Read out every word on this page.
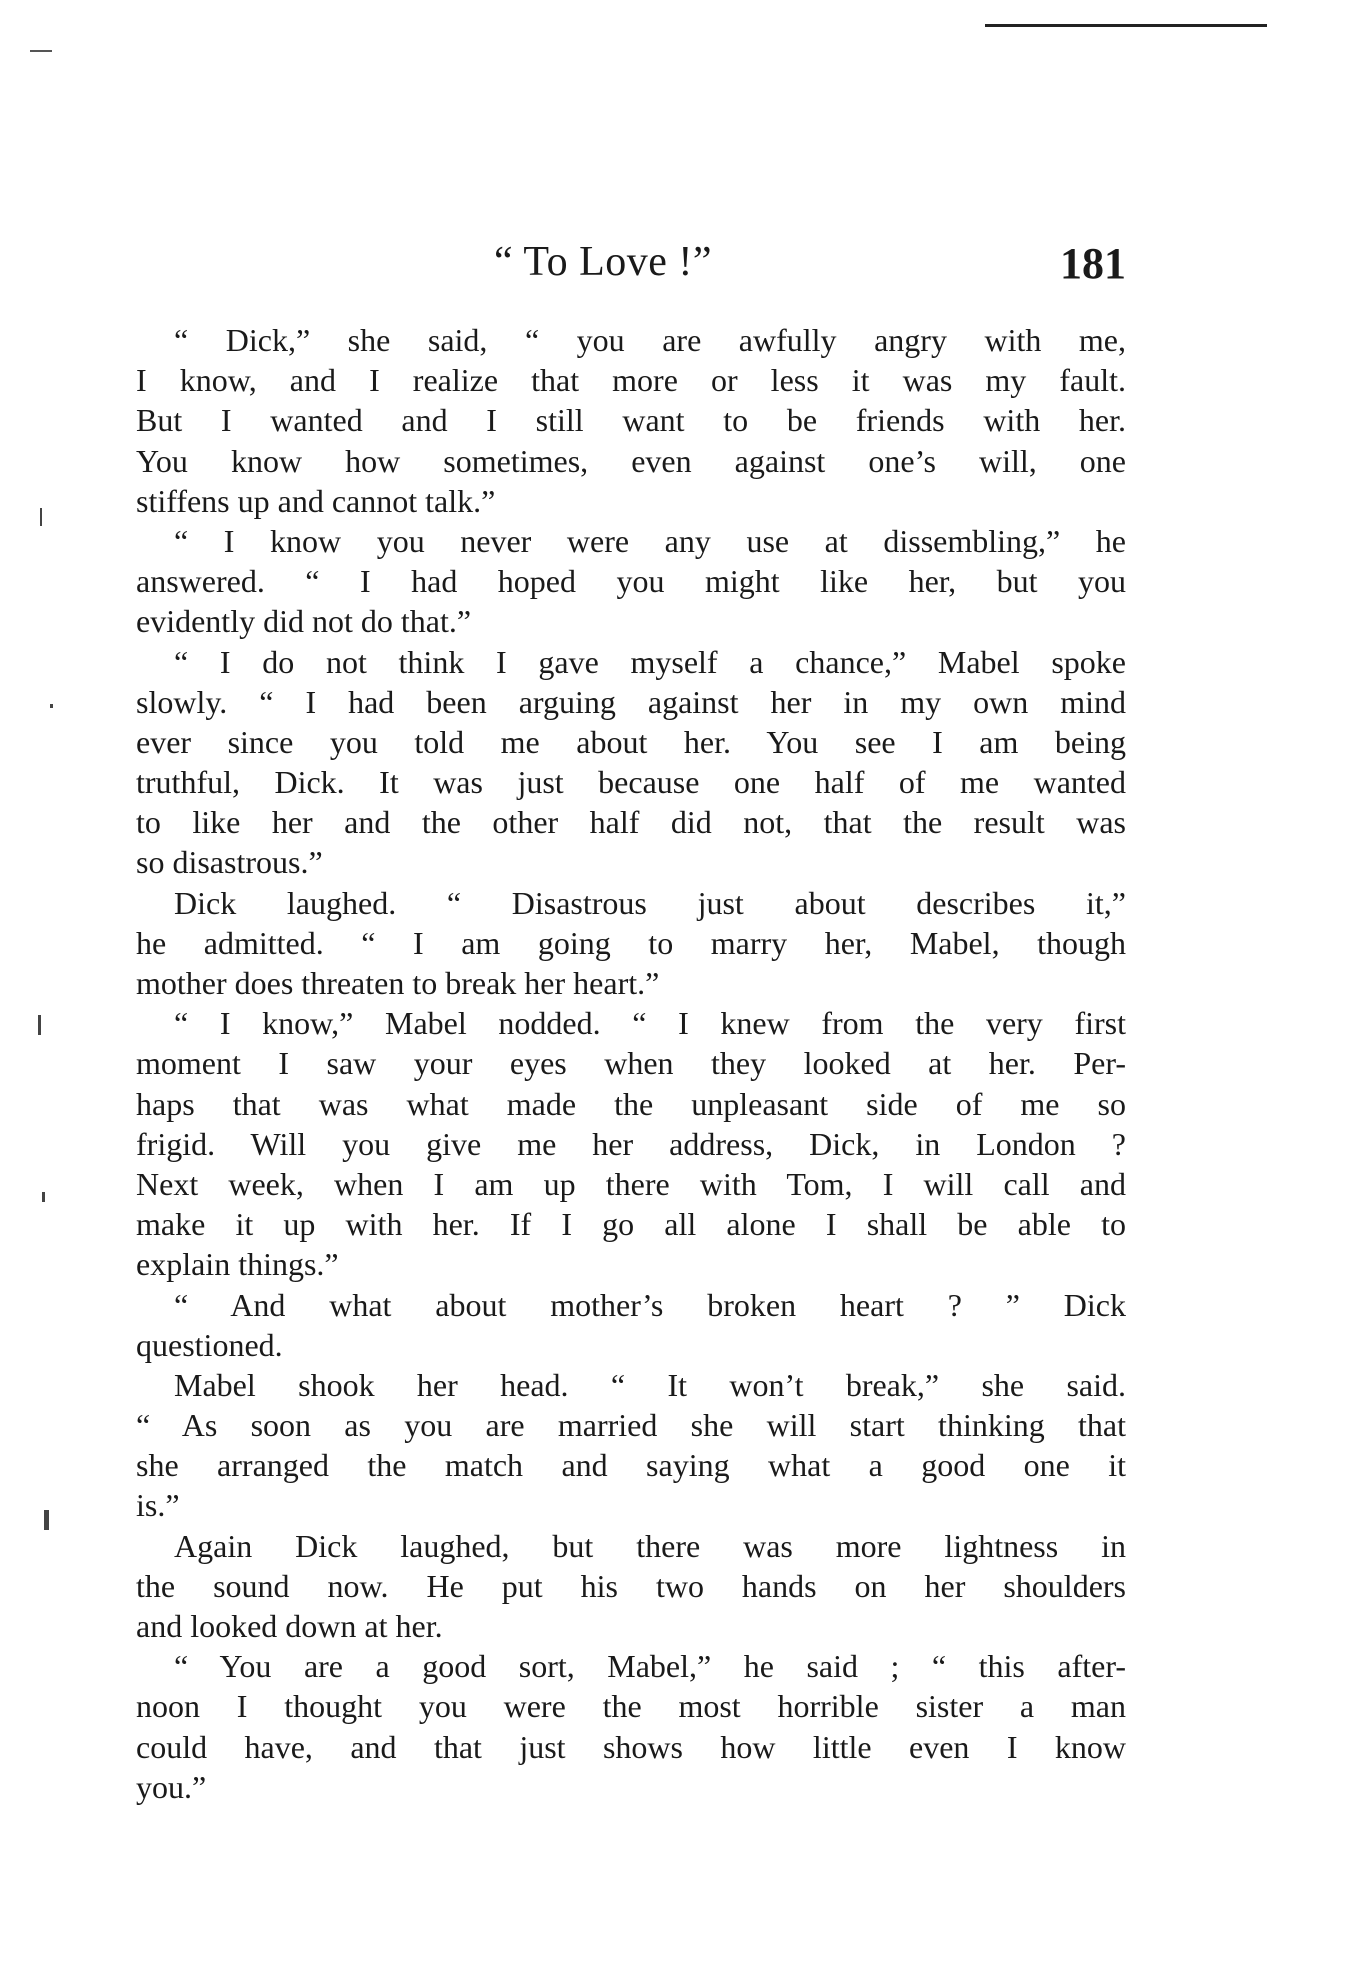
“ To Love !”	181
“ Dick,” she said, “ you are awfully angry with me,
I know, and I realize that more or less it was my fault.
But I wanted and I still want to be friends with her.
You know how sometimes, even against one’s will, one
stiffens up and cannot talk.”
“ I know you never were any use at dissembling,” he
answered. “ I had hoped you might like her, but you
evidently did not do that.”
“ I do not think I gave myself a chance,” Mabel spoke
slowly. “ I had been arguing against her in my own mind
ever since you told me about her. You see I am being
truthful, Dick. It was just because one half of me wanted
to like her and the other half did not, that the result was
so disastrous.”
Dick laughed. “ Disastrous just about describes it,”
he admitted. “ I am going to marry her, Mabel, though
mother does threaten to break her heart.”
“ I know,” Mabel nodded. “ I knew from the very first
moment I saw your eyes when they looked at her. Per-
haps that was what made the unpleasant side of me so
frigid. Will you give me her address, Dick, in London ?
Next week, when I am up there with Tom, I will call and
make it up with her. If I go all alone I shall be able to
explain things.”
“ And what about mother’s broken heart ? ” Dick
questioned.
Mabel shook her head. “ It won’t break,” she said.
“ As soon as you are married she will start thinking that
she arranged the match and saying what a good one it
is.”
Again Dick laughed, but there was more lightness in
the sound now. He put his two hands on her shoulders
and looked down at her.
“ You are a good sort, Mabel,” he said ; “ this after-
noon I thought you were the most horrible sister a man
could have, and that just shows how little even I know
you.”
